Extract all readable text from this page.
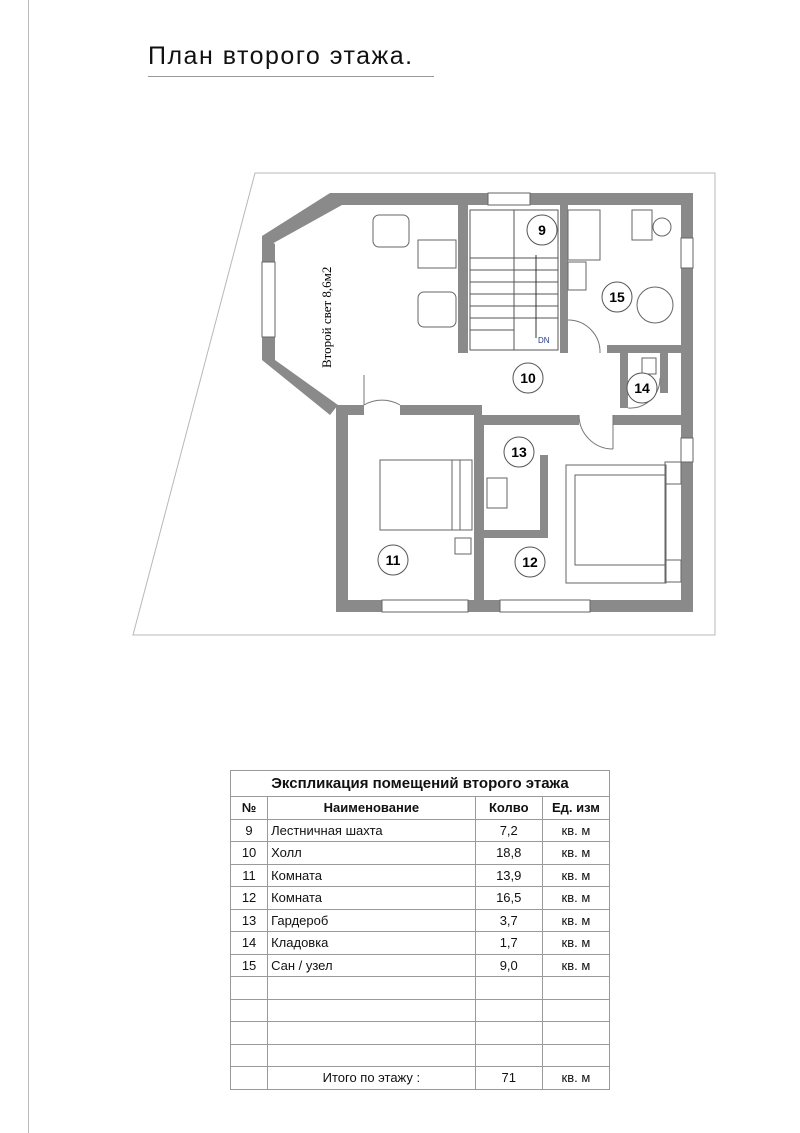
План второго этажа.
DN
9
10
11	12
13
14
15
Второй свет 8,6м2
Экспликация помещений второго этажа			
№	Наименование	Колво	Ед. изм
9	Лестничная шахта	7,2	кв. м
10	Холл	18,8	кв. м
11	Комната	13,9	кв. м
12	Комната	16,5	кв. м
13	Гардероб	3,7	кв. м
14	Кладовка	1,7	кв. м
15	Сан / узел	9,0	кв. м

	Итого по этажу :	71	кв. м
